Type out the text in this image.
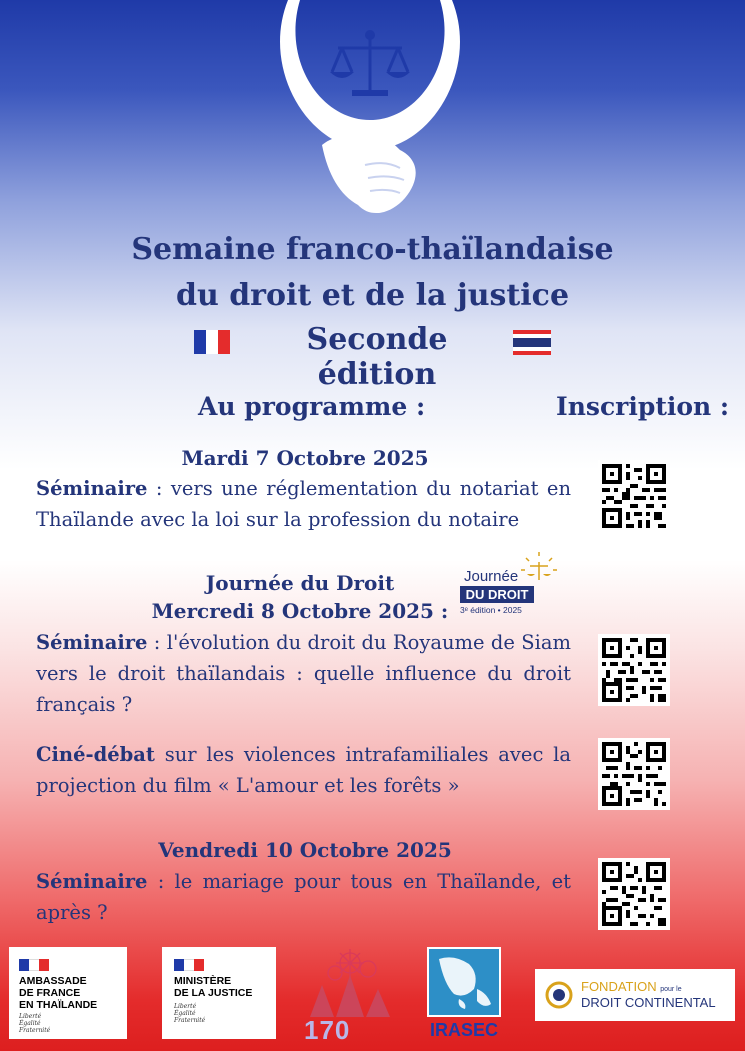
Semaine franco-thaïlandaise
du droit et de la justice
Seconde édition
Au programme :	Inscription :
Mardi 7 Octobre 2025
Séminaire : vers une réglementation du notariat en Thaïlande avec la loi sur la profession du notaire
Journée du Droit
Mercredi 8 Octobre 2025 :
Journée
DU DROIT
3ᵉ édition • 2025
Séminaire : l'évolution du droit du Royaume de Siam vers le droit thaïlandais : quelle influence du droit français ?
Ciné-débat sur les violences intrafamiliales avec la projection du film « L'amour et les forêts »
Vendredi 10 Octobre 2025
Séminaire : le mariage pour tous en Thaïlande, et après ?
AMBASSADE
DE FRANCE
EN THAÏLANDE
Liberté
Égalité
Fraternité
MINISTÈRE
DE LA JUSTICE
Liberté
Égalité
Fraternité	170	IRASEC
FONDATION pour le
DROIT CONTINENTAL
